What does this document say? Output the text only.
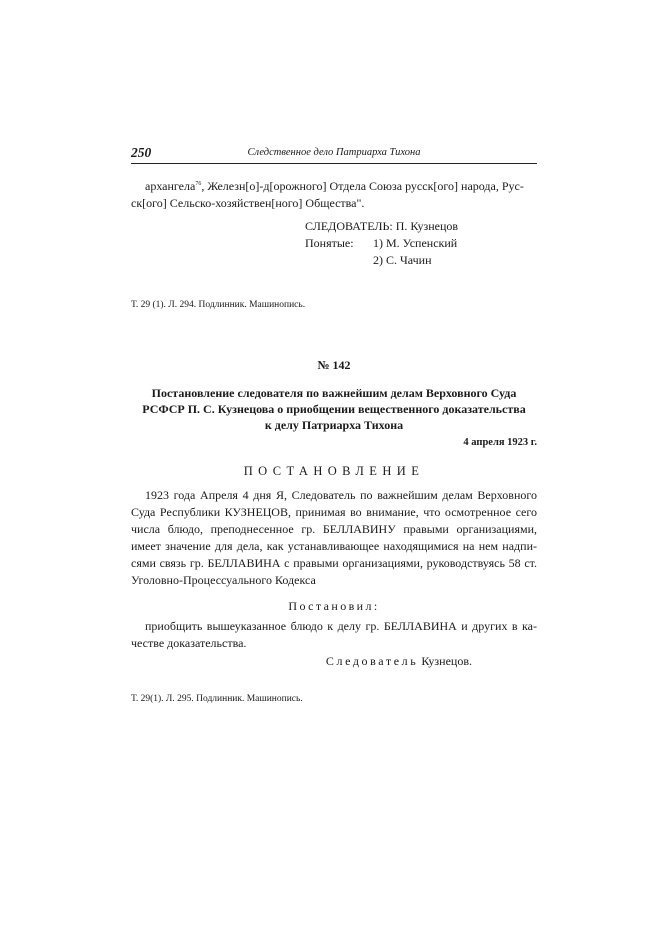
250	Следственное дело Патриарха Тихона

архангела$^{76}$, Железн[о]-д[орожного] Отдела Союза русск[ого] народа, Рус-
ск[ого] Сельско-хозяйствен[ного] Общества".

СЛЕДОВАТЕЛЬ: П. Кузнецов
Понятые:	1) М. Успенский
2) С. Чачин
Т. 29 (1). Л. 294. Подлинник. Машинопись.
№ 142
Постановление следователя по важнейшим делам Верховного Суда
РСФСР П. С. Кузнецова о приобщении вещественного доказательства
к делу Патриарха Тихона
4 апреля 1923 г.
ПОСТАНОВЛЕНИЕ

1923 года Апреля 4 дня Я, Следователь по важнейшим делам Верховного Суда Республики КУЗНЕЦОВ, принимая во внимание, что осмотренное сего числа блюдо, преподнесенное гр. БЕЛЛАВИНУ правыми организациями, имеет значение для дела, как устанавливающее находящимися на нем надпи- сями связь гр. БЕЛЛАВИНА с правыми организациями, руководствуясь 58 ст. Уголовно-Процессуального Кодекса

Постановил:

приобщить вышеуказанное блюдо к делу гр. БЕЛЛАВИНА и других в ка- честве доказательства.

Следователь Кузнецов.
Т. 29(1). Л. 295. Подлинник. Машинопись.
